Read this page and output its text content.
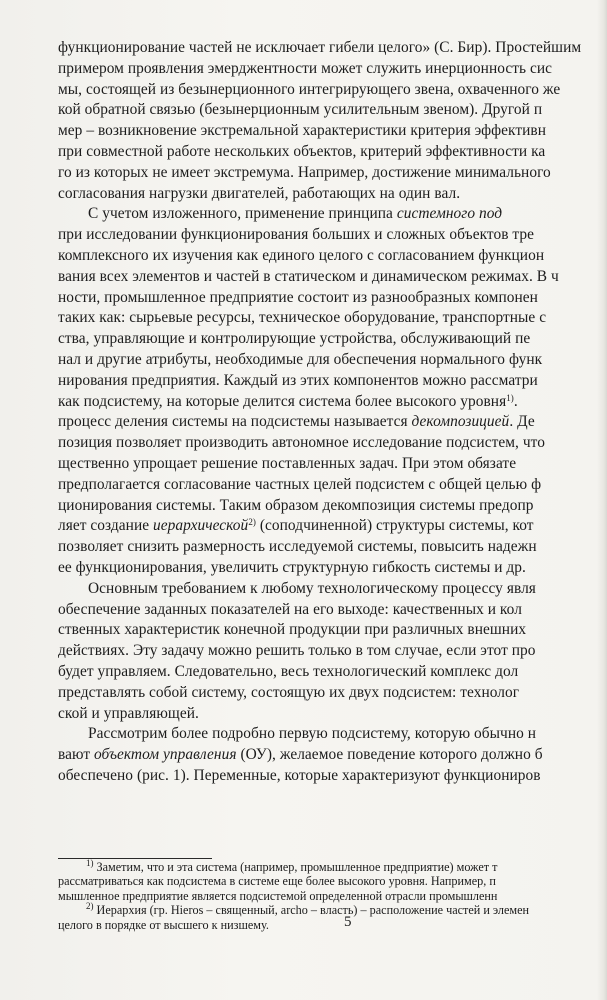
функционирование частей не исключает гибели целого» (С. Бир). Простейшим
примером проявления эмерджентности может служить инерционность сис
мы, состоящей из безынерционного интегрирующего звена, охваченного же
кой обратной связью (безынерционным усилительным звеном). Другой п
мер – возникновение экстремальной характеристики критерия эффективн
при совместной работе нескольких объектов, критерий эффективности ка
го из которых не имеет экстремума. Например, достижение минимального
согласования нагрузки двигателей, работающих на один вал.
С учетом изложенного, применение принципа системного под
при исследовании функционирования больших и сложных объектов тре
комплексного их изучения как единого целого с согласованием функцион
вания всех элементов и частей в статическом и динамическом режимах. В ч
ности, промышленное предприятие состоит из разнообразных компонен
таких как: сырьевые ресурсы, техническое оборудование, транспортные с
ства, управляющие и контролирующие устройства, обслуживающий пе
нал и другие атрибуты, необходимые для обеспечения нормального функ
нирования предприятия. Каждый из этих компонентов можно рассматри
как подсистему, на которые делится система более высокого уровня$^{1)}$.
процесс деления системы на подсистемы называется декомпозицией. Де
позиция позволяет производить автономное исследование подсистем, что
щественно упрощает решение поставленных задач. При этом обязате
предполагается согласование частных целей подсистем с общей целью ф
ционирования системы. Таким образом декомпозиция системы предопр
ляет создание иерархической$^{2)}$ (соподчиненной) структуры системы, кот
позволяет снизить размерность исследуемой системы, повысить надежн
ее функционирования, увеличить структурную гибкость системы и др.
Основным требованием к любому технологическому процессу явля
обеспечение заданных показателей на его выходе: качественных и кол
ственных характеристик конечной продукции при различных внешних
действиях. Эту задачу можно решить только в том случае, если этот про
будет управляем. Следовательно, весь технологический комплекс дол
представлять собой систему, состоящую их двух подсистем: технолог
ской и управляющей.
Рассмотрим более подробно первую подсистему, которую обычно н
вают объектом управления (ОУ), желаемое поведение которого должно б
обеспечено (рис. 1). Переменные, которые характеризуют функциониров
$^{1)}$ Заметим, что и эта система (например, промышленное предприятие) может т
рассматриваться как подсистема в системе еще более высокого уровня. Например, п
мышленное предприятие является подсистемой определенной отрасли промышленн
$^{2)}$ Иерархия (гр. Hieros – священный, archo – власть) – расположение частей и элемен
целого в порядке от высшего к низшему.	5
